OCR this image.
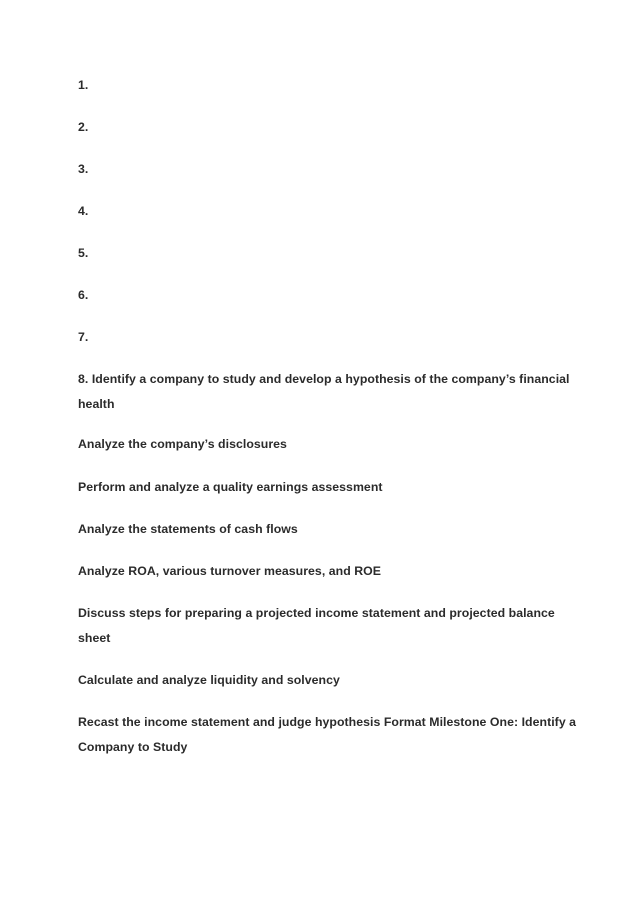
1.
2.
3.
4.
5.
6.
7.
8. Identify a company to study and develop a hypothesis of the company’s financial
health
Analyze the company’s disclosures
Perform and analyze a quality earnings assessment
Analyze the statements of cash flows
Analyze ROA, various turnover measures, and ROE
Discuss steps for preparing a projected income statement and projected balance
sheet
Calculate and analyze liquidity and solvency
Recast the income statement and judge hypothesis Format Milestone One: Identify a
Company to Study
